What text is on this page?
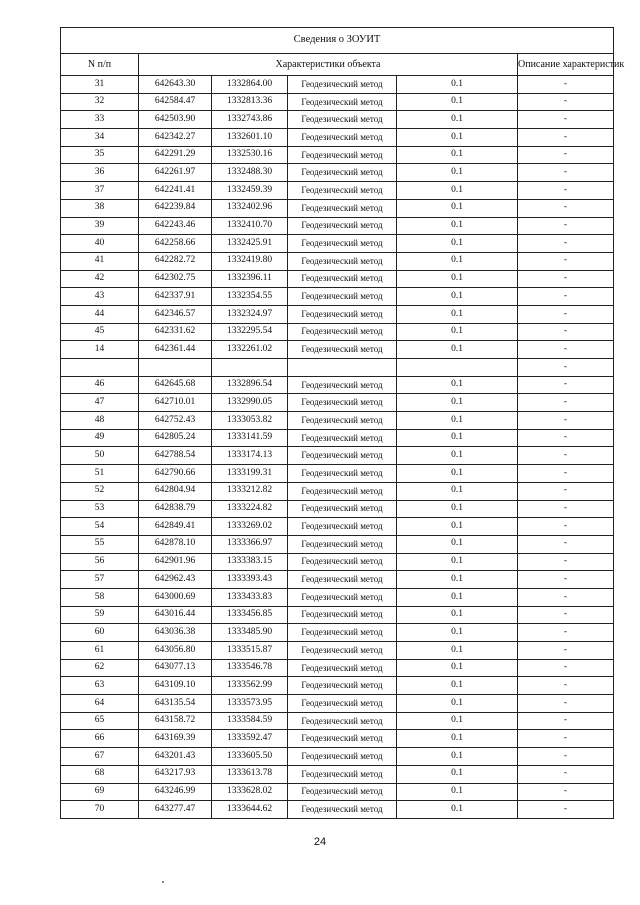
Сведения о ЗОУИТ					
N п/п	Характеристики объекта				Описание характеристик
31	642643.30	1332864.00	Геодезический метод	0.1	-
32	642584.47	1332813.36	Геодезический метод	0.1	-
33	642503.90	1332743.86	Геодезический метод	0.1	-
34	642342.27	1332601.10	Геодезический метод	0.1	-
35	642291.29	1332530.16	Геодезический метод	0.1	-
36	642261.97	1332488.30	Геодезический метод	0.1	-
37	642241.41	1332459.39	Геодезический метод	0.1	-
38	642239.84	1332402.96	Геодезический метод	0.1	-
39	642243.46	1332410.70	Геодезический метод	0.1	-
40	642258.66	1332425.91	Геодезический метод	0.1	-
41	642282.72	1332419.80	Геодезический метод	0.1	-
42	642302.75	1332396.11	Геодезический метод	0.1	-
43	642337.91	1332354.55	Геодезический метод	0.1	-
44	642346.57	1332324.97	Геодезический метод	0.1	-
45	642331.62	1332295.54	Геодезический метод	0.1	-
14	642361.44	1332261.02	Геодезический метод	0.1	-
					-
46	642645.68	1332896.54	Геодезический метод	0.1	-
47	642710.01	1332990.05	Геодезический метод	0.1	-
48	642752.43	1333053.82	Геодезический метод	0.1	-
49	642805.24	1333141.59	Геодезический метод	0.1	-
50	642788.54	1333174.13	Геодезический метод	0.1	-
51	642790.66	1333199.31	Геодезический метод	0.1	-
52	642804.94	1333212.82	Геодезический метод	0.1	-
53	642838.79	1333224.82	Геодезический метод	0.1	-
54	642849.41	1333269.02	Геодезический метод	0.1	-
55	642878.10	1333366.97	Геодезический метод	0.1	-
56	642901.96	1333383.15	Геодезический метод	0.1	-
57	642962.43	1333393.43	Геодезический метод	0.1	-
58	643000.69	1333433.83	Геодезический метод	0.1	-
59	643016.44	1333456.85	Геодезический метод	0.1	-
60	643036.38	1333485.90	Геодезический метод	0.1	-
61	643056.80	1333515.87	Геодезический метод	0.1	-
62	643077.13	1333546.78	Геодезический метод	0.1	-
63	643109.10	1333562.99	Геодезический метод	0.1	-
64	643135.54	1333573.95	Геодезический метод	0.1	-
65	643158.72	1333584.59	Геодезический метод	0.1	-
66	643169.39	1333592.47	Геодезический метод	0.1	-
67	643201.43	1333605.50	Геодезический метод	0.1	-
68	643217.93	1333613.78	Геодезический метод	0.1	-
69	643246.99	1333628.02	Геодезический метод	0.1	-
70	643277.47	1333644.62	Геодезический метод	0.1	-
24
